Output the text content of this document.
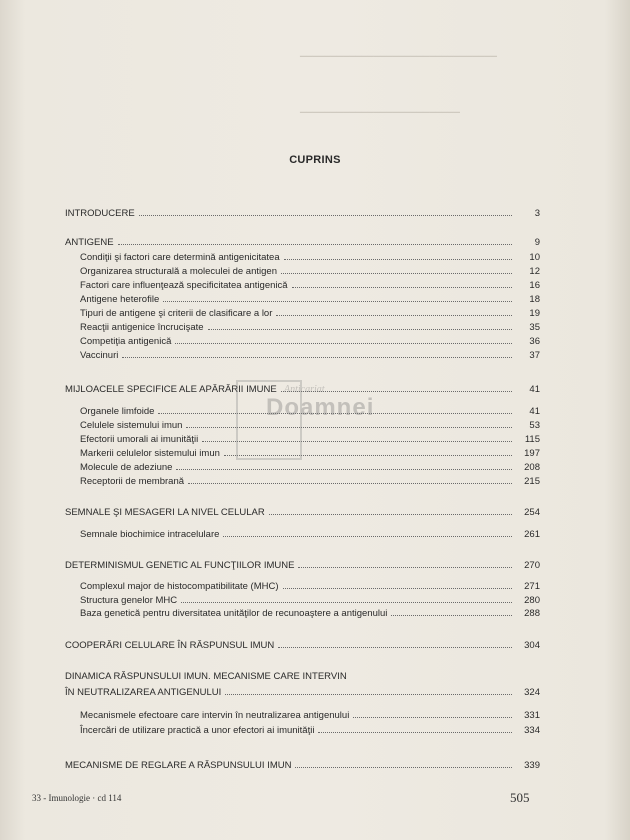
▁▁▁▁▁▁▁▁▁▁▁▁▁▁▁▁▁▁▁▁▁▁▁▁▁▁▁▁▁▁▁▁
▁▁▁▁▁▁▁▁▁▁▁▁▁▁▁▁▁▁▁▁▁▁▁▁▁▁
CUPRINS
INTRODUCERE	3
ANTIGENE	9
Condiţii şi factori care determină antigenicitatea	10
Organizarea structurală a moleculei de antigen	12
Factori care influenţează specificitatea antigenică	16
Antigene heterofile	18
Tipuri de antigene şi criterii de clasificare a lor	19
Reacţii antigenice încrucişate	35
Competiţia antigenică	36
Vaccinuri	37
MIJLOACELE SPECIFICE ALE APĂRĂRII IMUNE	41
Organele limfoide	41
Celulele sistemului imun	53
Efectorii umorali ai imunităţii	115
Markerii celulelor sistemului imun	197
Molecule de adeziune	208
Receptorii de membrană	215
SEMNALE ŞI MESAGERI LA NIVEL CELULAR	254
Semnale biochimice intracelulare	261
DETERMINISMUL GENETIC AL FUNCŢIILOR IMUNE	270
Complexul major de histocompatibilitate (MHC)	271
Structura genelor MHC	280
Baza genetică pentru diversitatea unităţilor de recunoaştere a antigenului	288
COOPERĂRI CELULARE ÎN RĂSPUNSUL IMUN	304
DINAMICA RĂSPUNSULUI IMUN. MECANISME CARE INTERVIN
ÎN NEUTRALIZAREA ANTIGENULUI	324
Mecanismele efectoare care intervin în neutralizarea antigenului	331
Încercări de utilizare practică a unor efectori ai imunităţii	334
MECANISME DE REGLARE A RĂSPUNSULUI IMUN	339
Anticariat
Doamnei
33 - Imunologie · cd 114	505
